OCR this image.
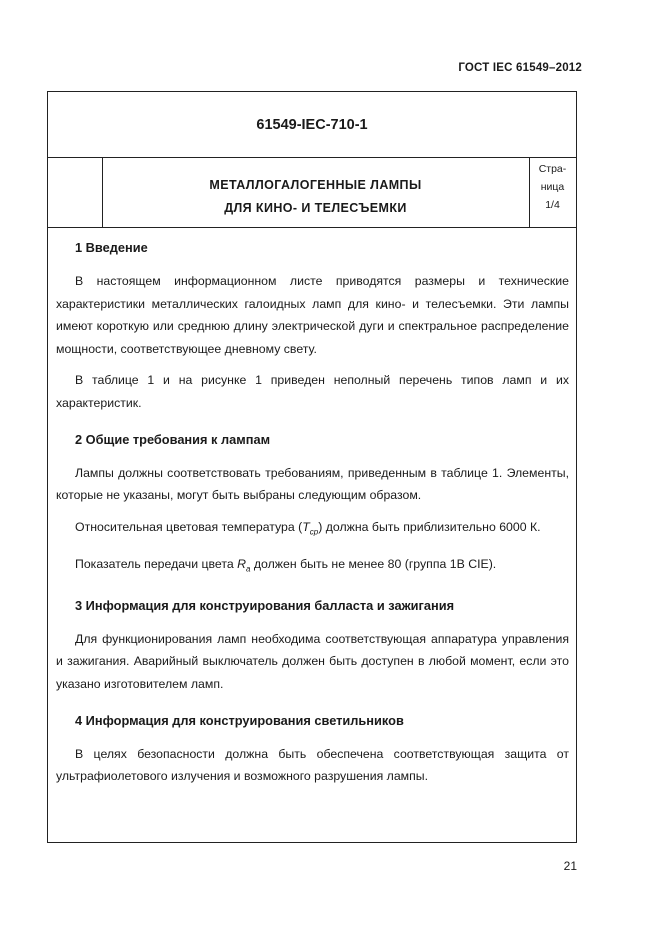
ГОСТ IEC 61549–2012
61549-IEC-710-1
МЕТАЛЛОГАЛОГЕННЫЕ ЛАМПЫ
ДЛЯ КИНО- И ТЕЛЕСЪЕМКИ
Стра-
ница
1/4
1 Введение

В настоящем информационном листе приводятся размеры и технические характеристики металлических галоидных ламп для кино- и телесъемки. Эти лампы имеют короткую или среднюю длину электрической дуги и спектральное распределение мощности, соответствующее дневному свету.

В таблице 1 и на рисунке 1 приведен неполный перечень типов ламп и их характеристик.

2 Общие требования к лампам

Лампы должны соответствовать требованиям, приведенным в таблице 1. Элементы, которые не указаны, могут быть выбраны следующим образом.

Относительная цветовая температура $(T_{cp})$ должна быть приблизительно 6000 К.

Показатель передачи цвета $R_a$ должен быть не менее 80 (группа 1В CIE).

3 Информация для конструирования балласта и зажигания

Для функционирования ламп необходима соответствующая аппаратура управления и зажигания. Аварийный выключатель должен быть доступен в любой момент, если это указано изготовителем ламп.

4 Информация для конструирования светильников

В целях безопасности должна быть обеспечена соответствующая защита от ультрафиолетового излучения и возможного разрушения лампы.

21
